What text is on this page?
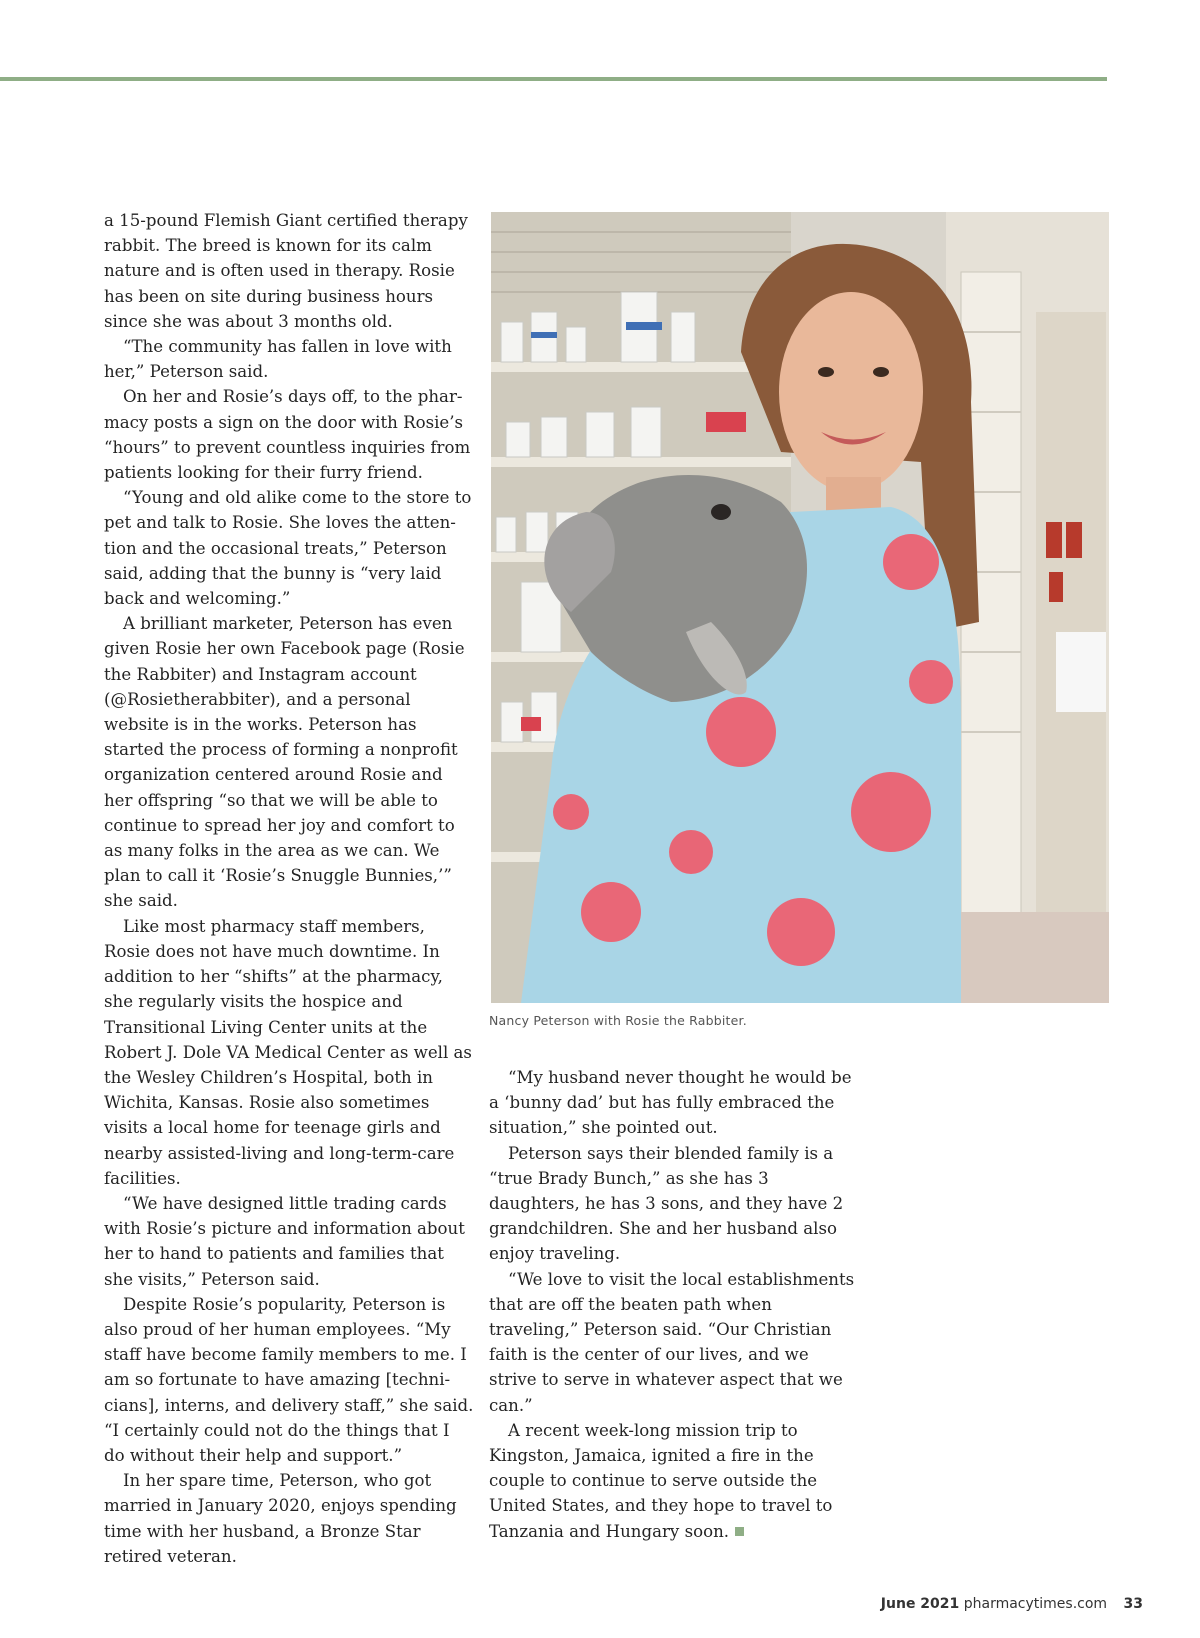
a 15-pound Flemish Giant certified therapy rabbit. The breed is known for its calm nature and is often used in therapy. Rosie has been on site during business hours since she was about 3 months old.

“The community has fallen in love with her,” Peterson said.

On her and Rosie’s days off, to the pharmacy posts a sign on the door with Rosie’s “hours” to prevent countless inquiries from patients looking for their furry friend.

“Young and old alike come to the store to pet and talk to Rosie. She loves the attention and the occasional treats,” Peterson said, adding that the bunny is “very laid back and welcoming.”

A brilliant marketer, Peterson has even given Rosie her own Facebook page (Rosie the Rabbiter) and Instagram account (@Rosietherabbiter), and a personal website is in the works. Peterson has started the process of forming a nonprofit organization centered around Rosie and her offspring “so that we will be able to continue to spread her joy and comfort to as many folks in the area as we can. We plan to call it ‘Rosie’s Snuggle Bunnies,’” she said.

Like most pharmacy staff members, Rosie does not have much downtime. In addition to her “shifts” at the pharmacy, she regularly visits the hospice and Transitional Living Center units at the Robert J. Dole VA Medical Center as well as the Wesley Children’s Hospital, both in Wichita, Kansas. Rosie also sometimes visits a local home for teenage girls and nearby assisted-living and long-term-care facilities.

“We have designed little trading cards with Rosie’s picture and information about her to hand to patients and families that she visits,” Peterson said.

Despite Rosie’s popularity, Peterson is also proud of her human employees. “My staff have become family members to me. I am so fortunate to have amazing [technicians], interns, and delivery staff,” she said. “I certainly could not do the things that I do without their help and support.”

In her spare time, Peterson, who got married in January 2020, enjoys spending time with her husband, a Bronze Star retired veteran.

Nancy Peterson with Rosie the Rabbiter.

“My husband never thought he would be a ‘bunny dad’ but has fully embraced the situation,” she pointed out.

Peterson says their blended family is a “true Brady Bunch,” as she has 3 daughters, he has 3 sons, and they have 2 grandchildren. She and her husband also enjoy traveling.

“We love to visit the local establishments that are off the beaten path when traveling,” Peterson said. “Our Christian faith is the center of our lives, and we strive to serve in whatever aspect that we can.”

A recent week-long mission trip to Kingston, Jamaica, ignited a fire in the couple to continue to serve outside the United States, and they hope to travel to Tanzania and Hungary soon.

June 2021 pharmacytimes.com 33
